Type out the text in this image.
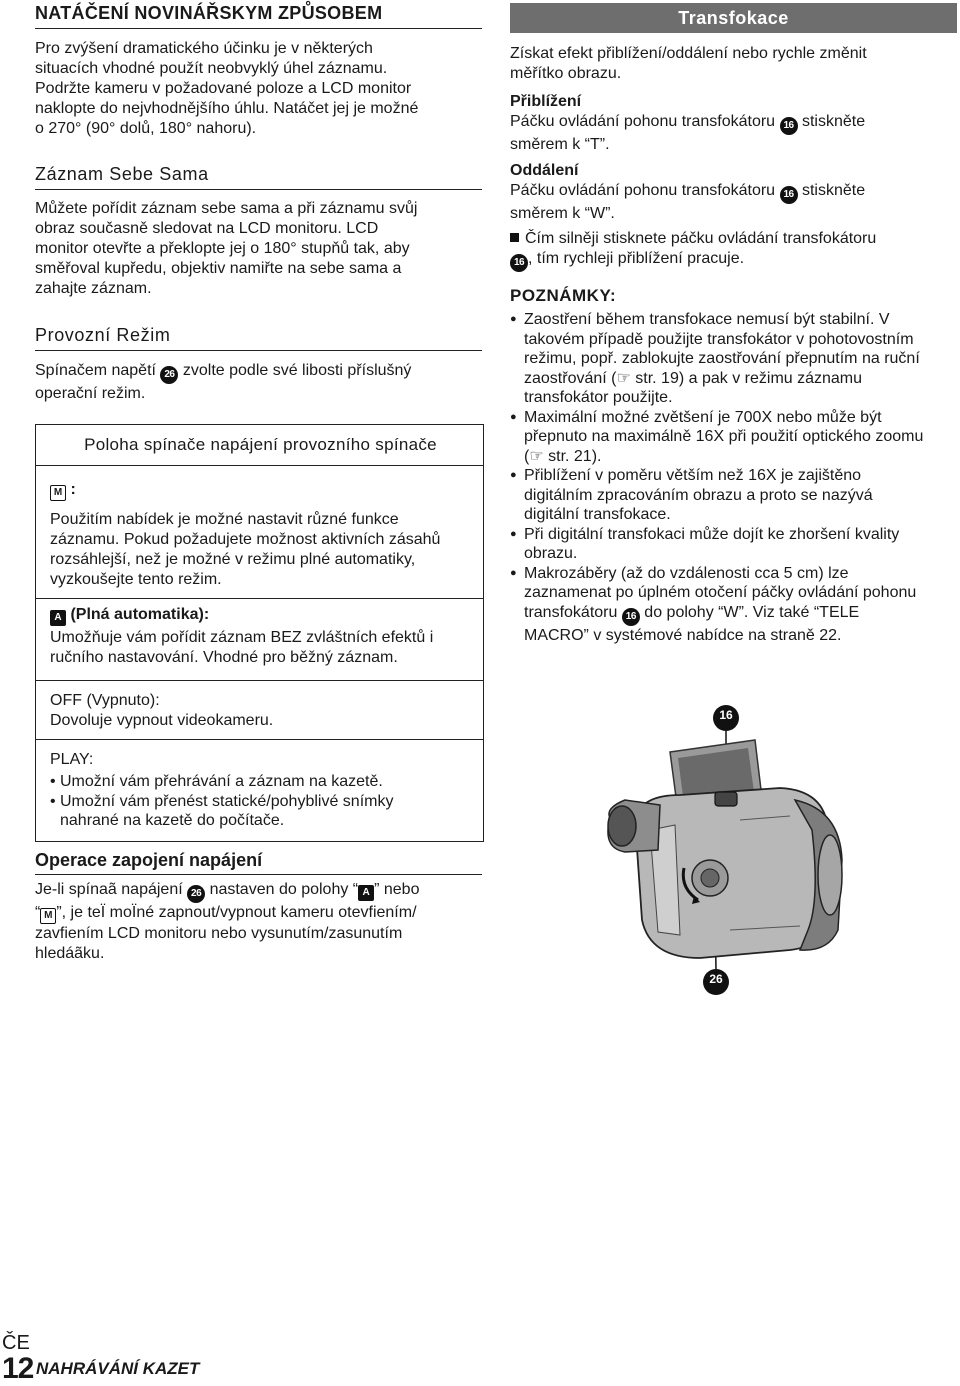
NATÁČENÍ NOVINÁŘSKYM ZPŮSOBEM

Pro zvýšení dramatického účinku je v některých

situacích vhodné použít neobvyklý úhel záznamu.

Podržte kameru v požadované poloze a LCD monitor

naklopte do nejvhodnějšího úhlu. Natáčet jej je možné

o 270° (90° dolů, 180° nahoru).

Záznam Sebe Sama

Můžete pořídit záznam sebe sama a při záznamu svůj

obraz současně sledovat na LCD monitoru. LCD

monitor otevřte a překlopte jej o 180° stupňů tak, aby

směřoval kupředu, objektiv namiřte na sebe sama a

zahajte záznam.

Provozní Režim

Spínačem napětí 26 zvolte podle své libosti příslušný

operační režim.

Poloha spínače napájení provozního spínače
M :

Použitím nabídek je možné nastavit různé funkce

záznamu. Pokud požadujete možnost aktivních zásahů

rozsáhlejší, než je možné v režimu plné automatiky,

vyzkoušejte tento režim.

A (Plná automatika):

Umožňuje vám pořídit záznam BEZ zvláštních efektů i

ručního nastavování. Vhodné pro běžný záznam.

OFF (Vypnuto):

Dovoluje vypnout videokameru.

PLAY:

• Umožní vám přehrávání a záznam na kazetě.
• Umožní vám přenést statické/pohyblivé snímky

nahrané na kazetě do počítače.

Operace zapojení napájení

Je-li spínaã napájení 26 nastaven do polohy “ A ” nebo

“ M ”, je teÏ moÏné zapnout/vypnout kameru otevfiením/

zavfiením LCD monitoru nebo vysunutím/zasunutím

hledáãku.

Transfokace

Získat efekt přiblížení/oddálení nebo rychle změnit

měřítko obrazu.

Přiblížení

Páčku ovládání pohonu transfokátoru 16 stiskněte

směrem k “T”.

Oddálení

Páčku ovládání pohonu transfokátoru 16 stiskněte

směrem k “W”.

Čím silněji stisknete páčku ovládání transfokátoru

16 , tím rychleji přiblížení pracuje.

POZNÁMKY:
● Zaostření během transfokace nemusí být stabilní. V
takovém případě použijte transfokátor v pohotovostním
režimu, popř. zablokujte zaostřování přepnutím na ruční
zaostřování (☞ str. 19) a pak v režimu záznamu
transfokátor použijte.
● Maximální možné zvětšení je 700X nebo může být
přepnuto na maximálně 16X při použití optického zoomu
(☞ str. 21).
● Přiblížení v poměru větším než 16X je zajištěno
digitálním zpracováním obrazu a proto se nazývá
digitální transfokace.
● Při digitální transfokaci může dojít ke zhoršení kvality
obrazu.
● Makrozáběry (až do vzdálenosti cca 5 cm) lze
zaznamenat po úplném otočení páčky ovládání pohonu
transfokátoru 16 do polohy “W”. Viz také “TELE
MACRO” v systémové nabídce na straně 22.
16
26
ČE
12 NAHRÁVÁNÍ KAZET
